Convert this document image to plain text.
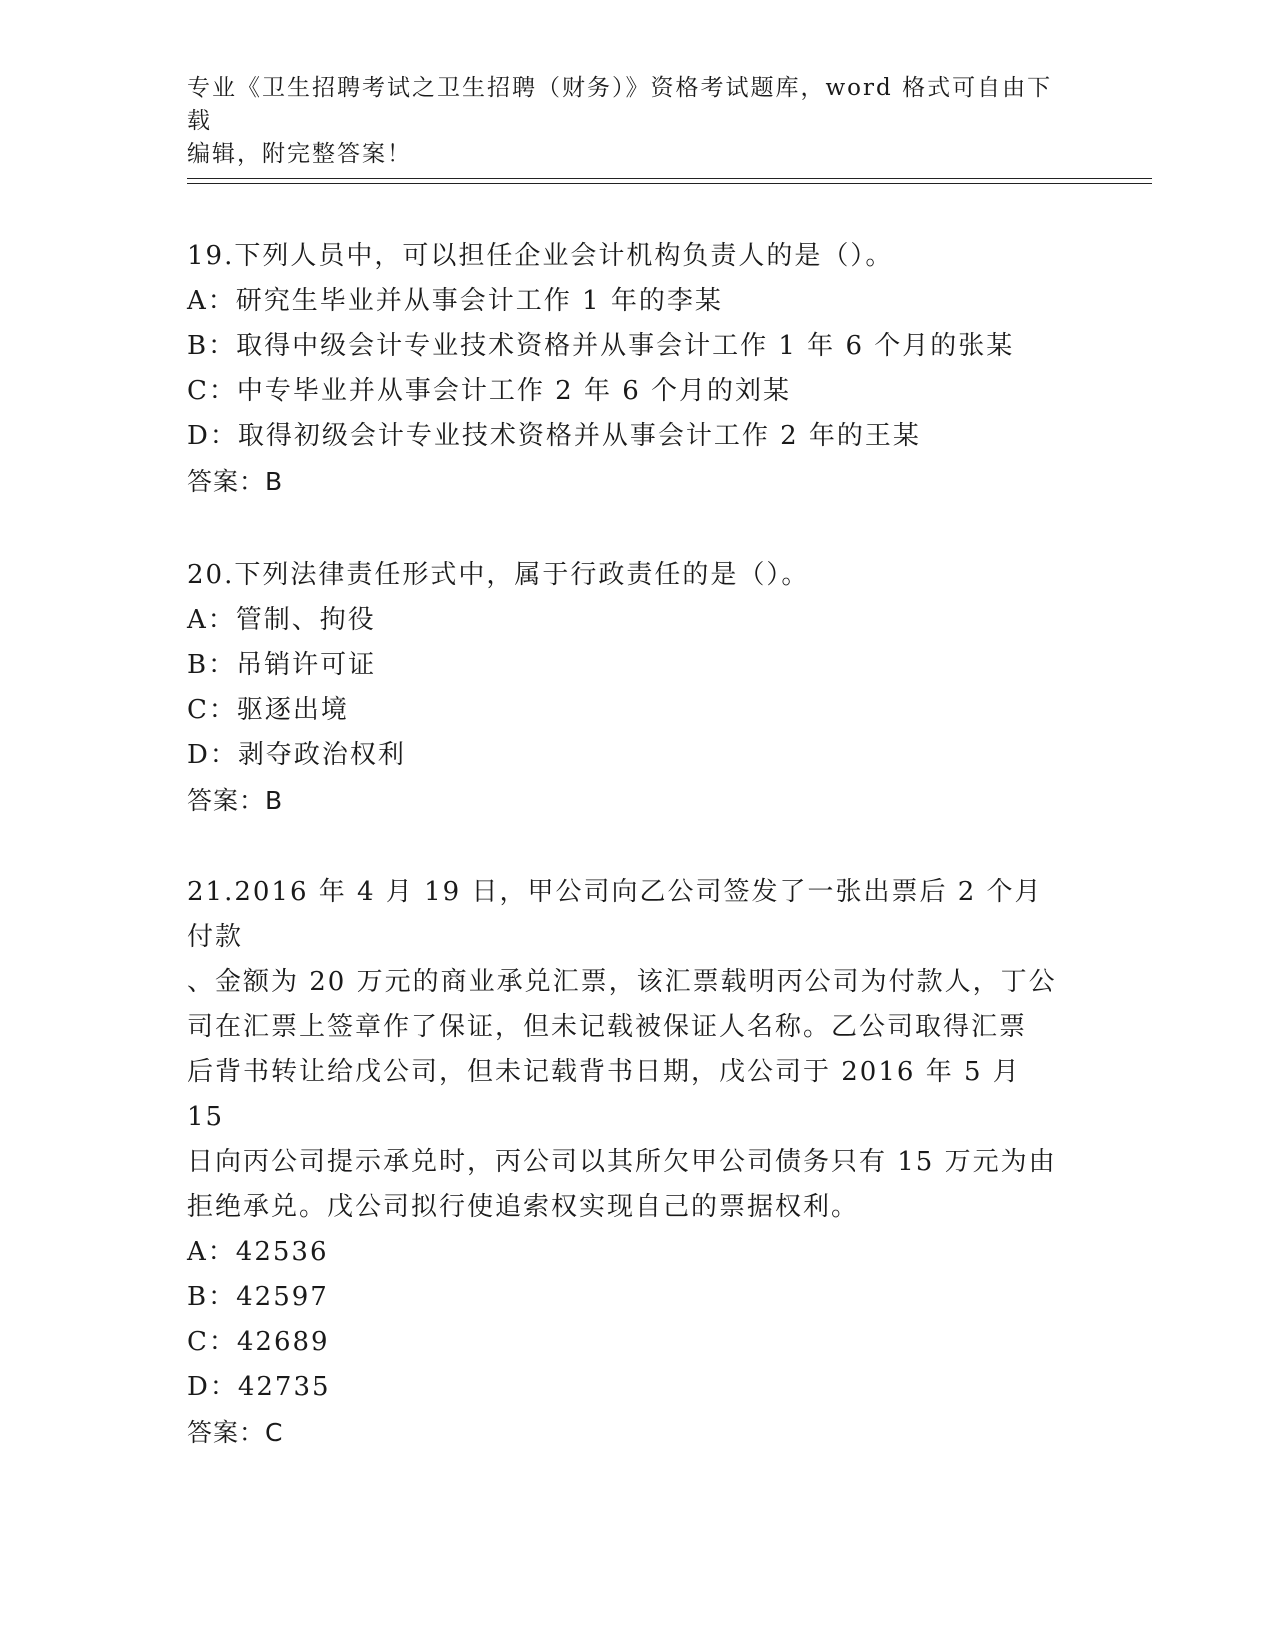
专业《卫生招聘考试之卫生招聘（财务）》资格考试题库，word 格式可自由下载
编辑，附完整答案！
19.下列人员中，可以担任企业会计机构负责人的是（）。
A：研究生毕业并从事会计工作 1 年的李某
B：取得中级会计专业技术资格并从事会计工作 1 年 6 个月的张某
C：中专毕业并从事会计工作 2 年 6 个月的刘某
D：取得初级会计专业技术资格并从事会计工作 2 年的王某
答案：B
20.下列法律责任形式中，属于行政责任的是（）。
A：管制、拘役
B：吊销许可证
C：驱逐出境
D：剥夺政治权利
答案：B
21.2016 年 4 月 19 日，甲公司向乙公司签发了一张出票后 2 个月付款
、金额为 20 万元的商业承兑汇票，该汇票载明丙公司为付款人，丁公
司在汇票上签章作了保证，但未记载被保证人名称。乙公司取得汇票
后背书转让给戊公司，但未记载背书日期，戊公司于 2016 年 5 月 15
日向丙公司提示承兑时，丙公司以其所欠甲公司债务只有 15 万元为由
拒绝承兑。戊公司拟行使追索权实现自己的票据权利。
A：42536
B：42597
C：42689
D：42735
答案：C
